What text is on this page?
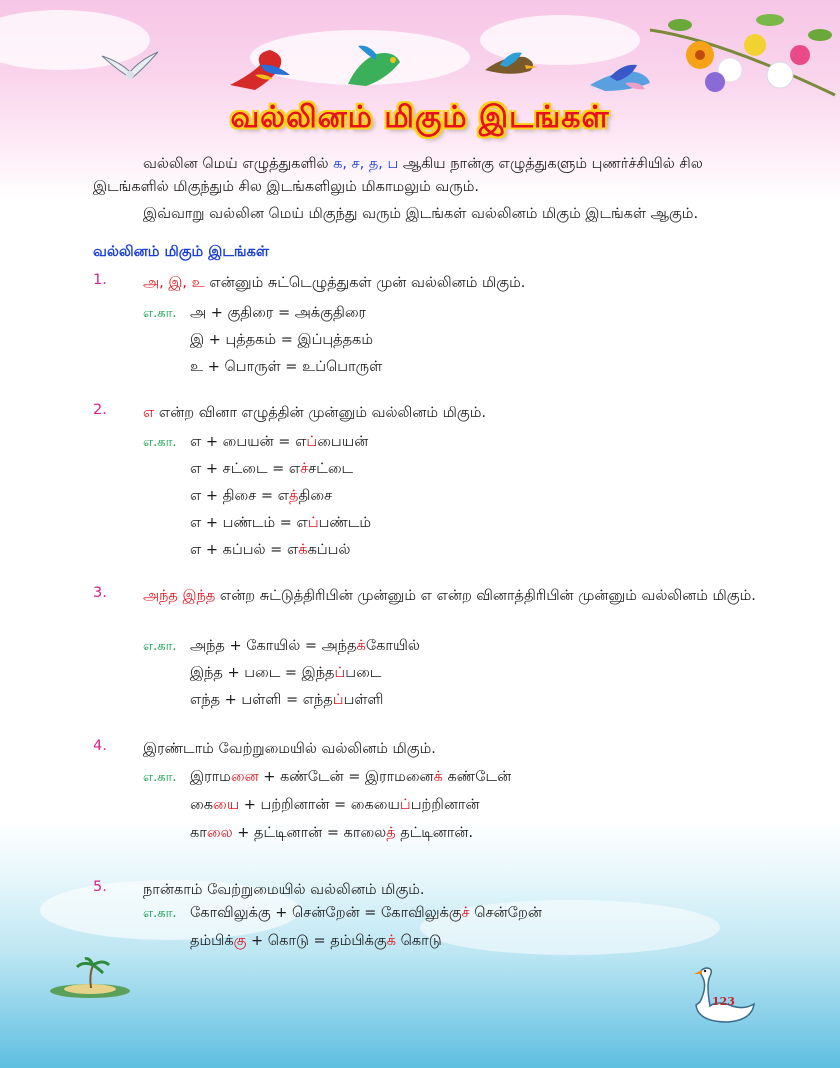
வல்லினம் மிகும் இடங்கள்
வல்லின மெய் எழுத்துகளில் க, ச, த, ப ஆகிய நான்கு எழுத்துகளும் புணர்ச்சியில் சில இடங்களில் மிகுந்தும் சில இடங்களிலும் மிகாமலும் வரும்.
இவ்வாறு வல்லின மெய் மிகுந்து வரும் இடங்கள் வல்லினம் மிகும் இடங்கள் ஆகும்.
வல்லினம் மிகும் இடங்கள்
1. அ, இ, உ என்னும் சுட்டெழுத்துகள் முன் வல்லினம் மிகும்.
எ.கா. அ + குதிரை = அக்குதிரை
இ + புத்தகம் = இப்புத்தகம்
உ + பொருள் = உப்பொருள்
2. எ என்ற வினா எழுத்தின் முன்னும் வல்லினம் மிகும்.
எ.கா. எ + பையன் = எப்பையன்
எ + சட்டை = எச்சட்டை
எ + திசை = எத்திசை
எ + பண்டம் = எப்பண்டம்
எ + கப்பல் = எக்கப்பல்
3. அந்த இந்த என்ற சுட்டுத்திரிபின் முன்னும் எ என்ற வினாத்திரிபின் முன்னும் வல்லினம் மிகும்.
எ.கா. அந்த + கோயில் = அந்தக்கோயில்
இந்த + படை = இந்தப்படை
எந்த + பள்ளி = எந்தப்பள்ளி
4. இரண்டாம் வேற்றுமையில் வல்லினம் மிகும்.
எ.கா. இராமனை + கண்டேன் = இராமனைக் கண்டேன்
கையை + பற்றினான் = கையைப்பற்றினான்
காலை + தட்டினான் = காலைத் தட்டினான்.
5. நான்காம் வேற்றுமையில் வல்லினம் மிகும்.
எ.கா. கோவிலுக்கு + சென்றேன் = கோவிலுக்குச் சென்றேன்
தம்பிக்கு + கொடு = தம்பிக்குக் கொடு
123
